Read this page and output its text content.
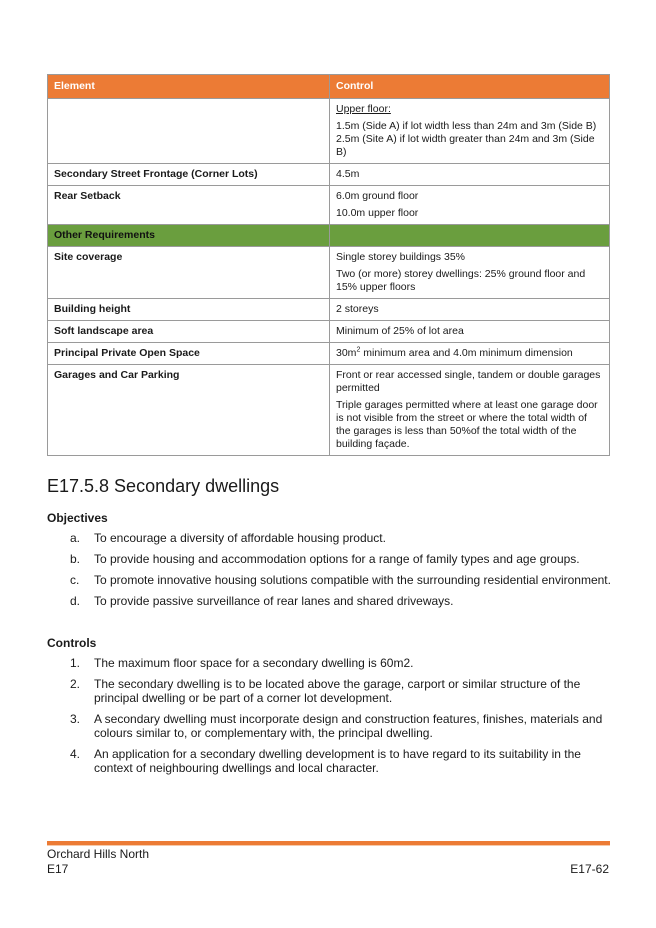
Element	Control

	Upper floor:

1.5m (Side A) if lot width less than 24m and 3m (Side B) 2.5m (Site A) if lot width greater than 24m and 3m (Side B)

Secondary Street Frontage (Corner Lots)	4.5m

Rear Setback	6.0m ground floor

10.0m upper floor

Other Requirements	
Site coverage	Single storey buildings 35%

Two (or more) storey dwellings: 25% ground floor and 15% upper floors

Building height	2 storeys

Soft landscape area	Minimum of 25% of lot area

Principal Private Open Space	$30m^2$ minimum area and 4.0m minimum dimension

Garages and Car Parking	Front or rear accessed single, tandem or double garages permitted

Triple garages permitted where at least one garage door is not visible from the street or where the total width of the garages is less than 50%of the total width of the building façade.

E17.5.8 Secondary dwellings
Objectives
a.	To encourage a diversity of affordable housing product.
b.	To provide housing and accommodation options for a range of family types and age groups.
c.	To promote innovative housing solutions compatible with the surrounding residential environment.
d.	To provide passive surveillance of rear lanes and shared driveways.
Controls
1.	The maximum floor space for a secondary dwelling is 60m2.
2.	The secondary dwelling is to be located above the garage, carport or similar structure of the principal dwelling or be part of a corner lot development.
3.	A secondary dwelling must incorporate design and construction features, finishes, materials and colours similar to, or complementary with, the principal dwelling.
4.	An application for a secondary dwelling development is to have regard to its suitability in the context of neighbouring dwellings and local character.
Orchard Hills North
E17	E17-62
